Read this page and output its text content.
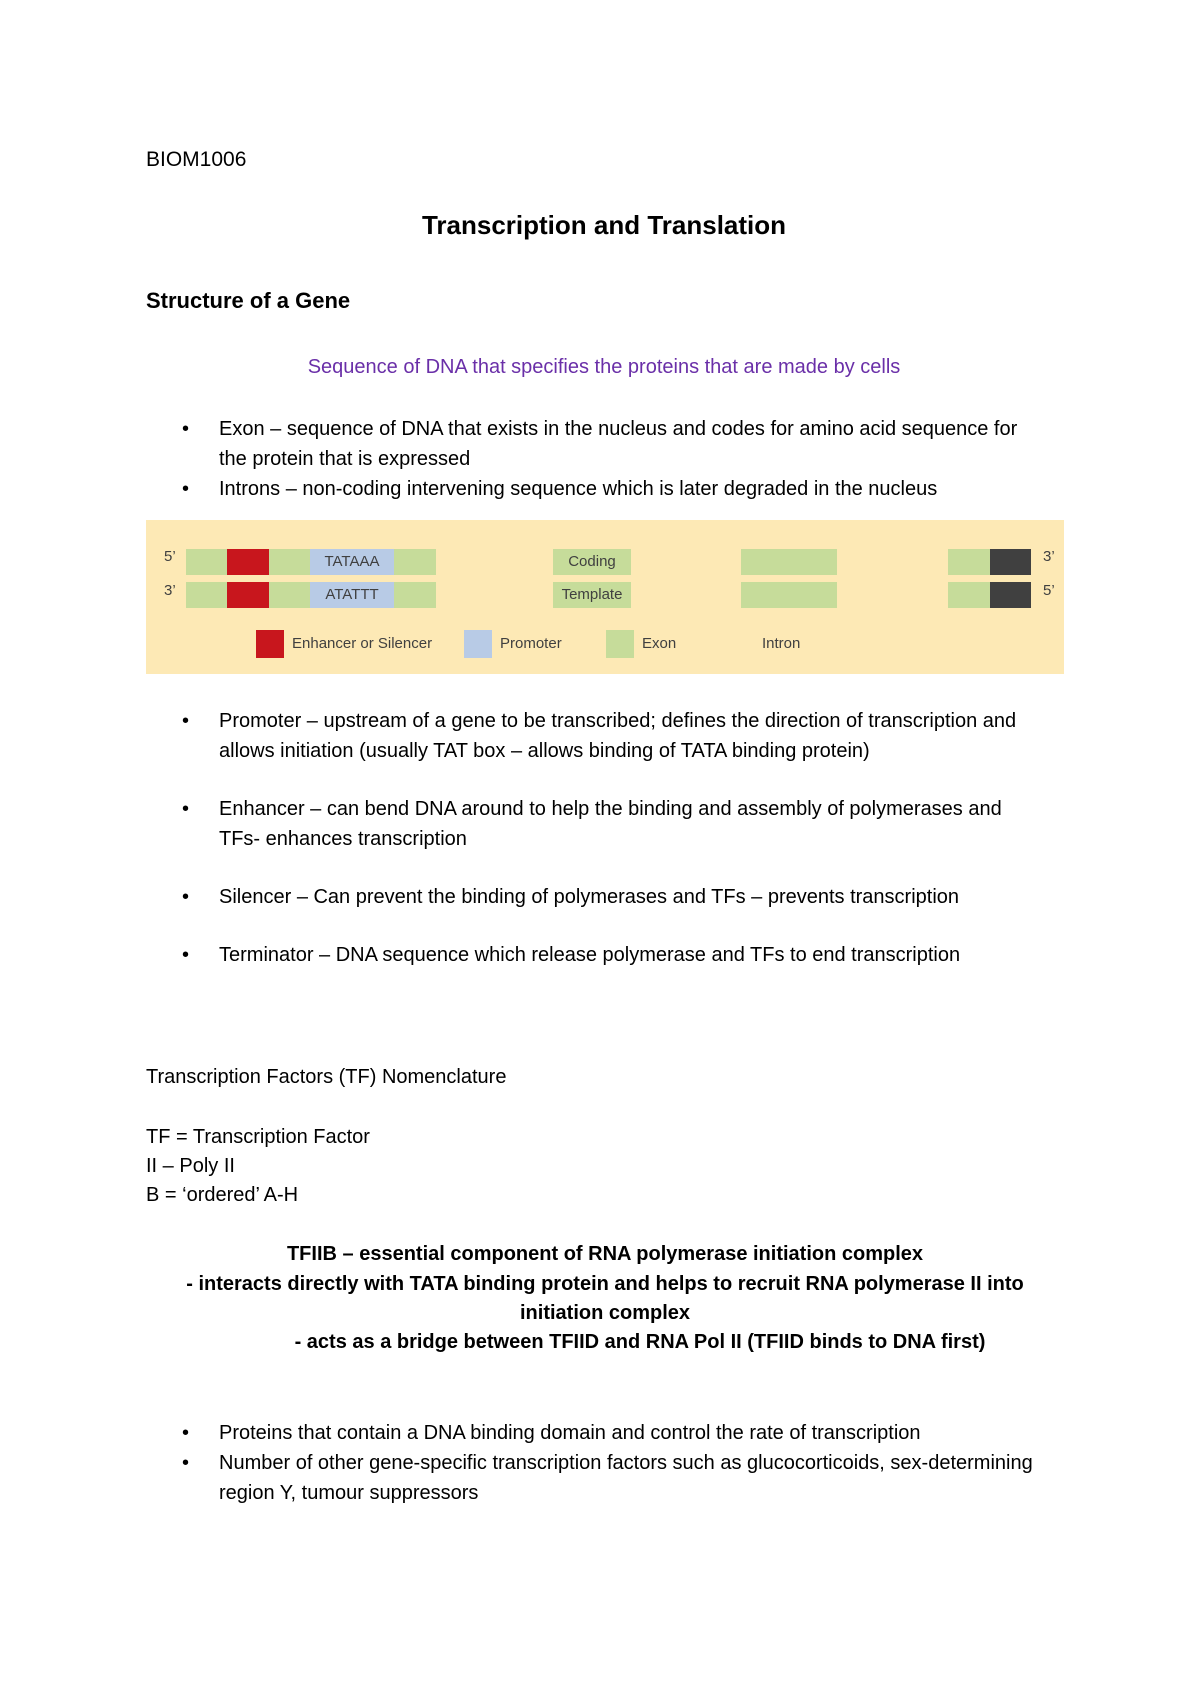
BIOM1006
Transcription and Translation
Structure of a Gene
Sequence of DNA that specifies the proteins that are made by cells
• Exon – sequence of DNA that exists in the nucleus and codes for amino acid sequence for the protein that is expressed
• Introns – non-coding intervening sequence which is later degraded in the nucleus
5’
3’
3’
5’
TATAAA	Coding
ATATTT	Template
Enhancer or Silencer	Promoter	Exon	Intron
• Promoter – upstream of a gene to be transcribed; defines the direction of transcription and allows initiation (usually TAT box – allows binding of TATA binding protein)
• Enhancer – can bend DNA around to help the binding and assembly of polymerases and TFs- enhances transcription
• Silencer – Can prevent the binding of polymerases and TFs – prevents transcription
• Terminator – DNA sequence which release polymerase and TFs to end transcription
Transcription Factors (TF) Nomenclature
TF = Transcription Factor
II – Poly II
B = ‘ordered’ A-H
TFIIB – essential component of RNA polymerase initiation complex
- interacts directly with TATA binding protein and helps to recruit RNA polymerase II into initiation complex
- acts as a bridge between TFIID and RNA Pol II (TFIID binds to DNA first)
• Proteins that contain a DNA binding domain and control the rate of transcription
• Number of other gene-specific transcription factors such as glucocorticoids, sex-determining region Y, tumour suppressors
